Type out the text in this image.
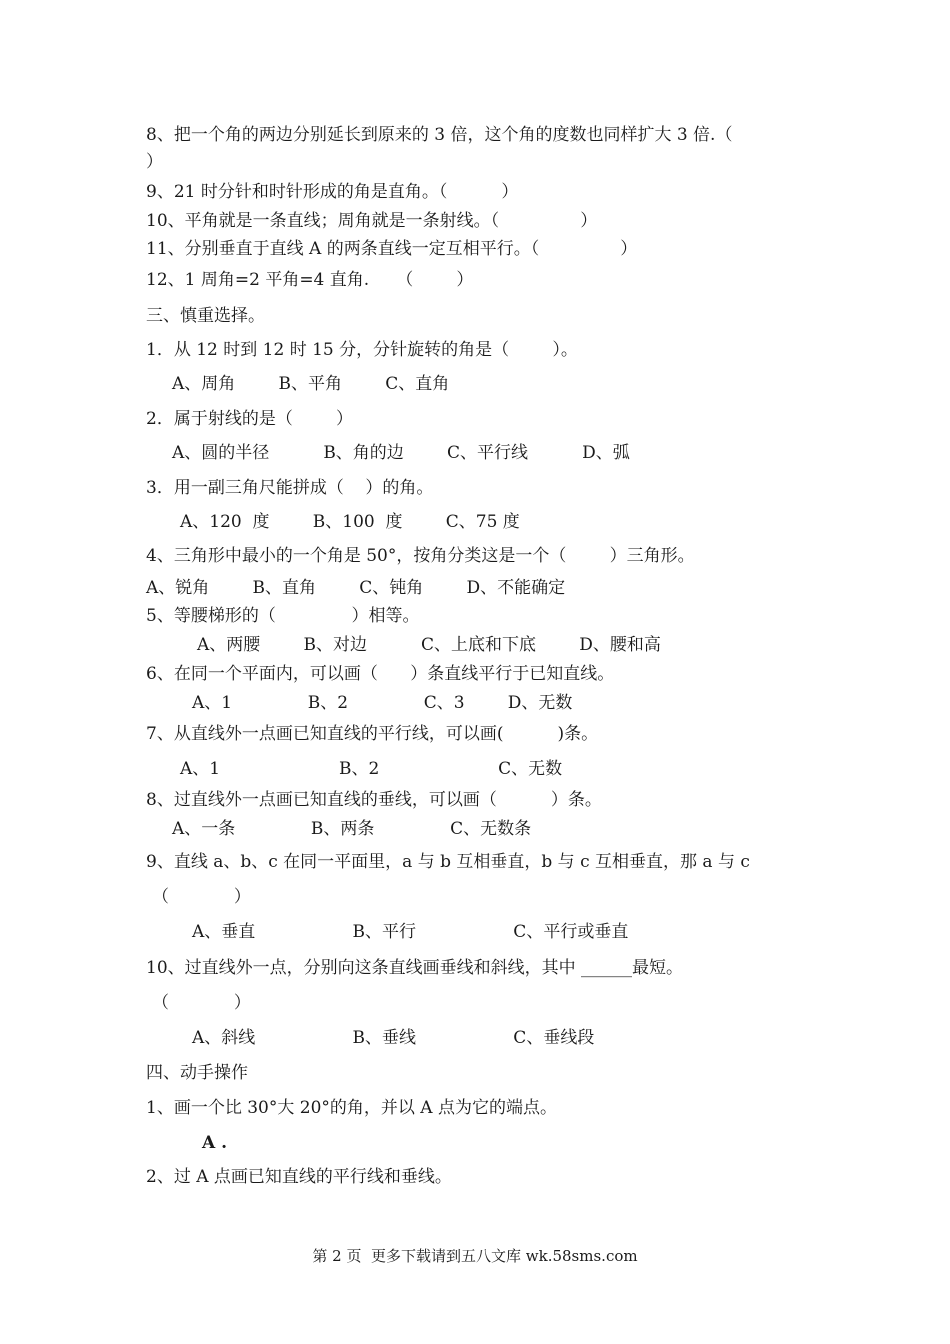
8、把一个角的两边分别延长到原来的 3 倍，这个角的度数也同样扩大 3 倍.（
）
9、21 时分针和时针形成的角是直角。（          ）
10、平角就是一条直线；周角就是一条射线。（               ）
11、分别垂直于直线 A 的两条直线一定互相平行。（               ）
12、1 周角=2 平角=4 直角.     （        ）
三、慎重选择。
1．从 12 时到 12 时 15 分，分针旋转的角是（        ）。
A、周角        B、平角        C、直角
2．属于射线的是（        ）
A、圆的半径          B、角的边        C、平行线          D、弧
3．用一副三角尺能拼成（    ）的角。
A、120  度        B、100  度        C、75 度
4、三角形中最小的一个角是 50°，按角分类这是一个（        ）三角形。
A、锐角        B、直角        C、钝角        D、不能确定
5、等腰梯形的（              ）相等。
A、两腰        B、对边          C、上底和下底        D、腰和高
6、在同一个平面内，可以画（      ）条直线平行于已知直线。
A、1              B、2              C、3        D、无数
7、从直线外一点画已知直线的平行线，可以画(          )条。
A、1                      B、2                      C、无数
8、过直线外一点画已知直线的垂线，可以画（          ）条。
A、一条              B、两条              C、无数条
9、直线 a、b、c 在同一平面里，a 与 b 互相垂直，b 与 c 互相垂直，那 a 与 c
（            ）
A、垂直                  B、平行                  C、平行或垂直
10、过直线外一点，分别向这条直线画垂线和斜线，其中 ______最短。
（            ）
A、斜线                  B、垂线                  C、垂线段
四、动手操作
1、画一个比 30°大 20°的角，并以 A 点为它的端点。
A .
2、过 A 点画已知直线的平行线和垂线。
第 2 页  更多下载请到五八文库 wk.58sms.com
